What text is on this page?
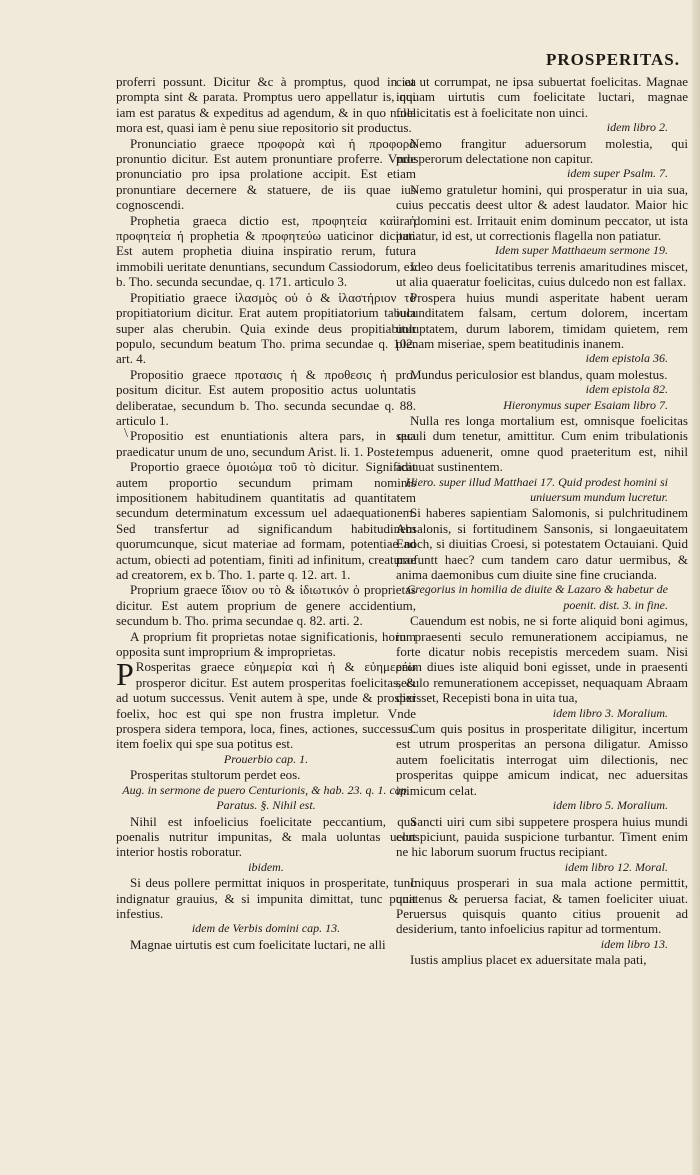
PROSPERITAS.
\

proferri possunt. Dicitur &c à promptus, quod in ea prompta sint & parata. Promptus uero appellatur is, qui iam est paratus & expeditus ad agendum, & in quo nulla mora est, quasi iam è penu siue repositorio sit productus.

Pronunciatio graece προφορὰ καὶ ἡ προφορὰ pronuntio dicitur. Est autem pronuntiare proferre. Vnde pronunciatio pro ipsa prolatione accipit. Est etiam pronuntiare decernere & statuere, de iis quae ius cognoscendi.

Prophetia graeca dictio est, προφητεία καὶ ἡ προφητεία ή prophetia & προφητεύω uaticinor dicitur. Est autem prophetia diuina inspiratio rerum, futura immobili ueritate denuntians, secundum Cassiodorum, ex b. Tho. secunda secundae, q. 171. articulo 3.

Propitiatio graece ἱλασμὸς οὐ ὁ & ἱλαστήριον τὸ propitiatorium dicitur. Erat autem propitiatorium tabula super alas cherubin. Quia exinde deus propitiabitur populo, secundum beatum Tho. prima secundae q. 102. art. 4.

Propositio graece προτασις ἡ & προθεσις ἡ pro. positum dicitur. Est autem propositio actus uoluntatis deliberatae, secundum b. Tho. secunda secundae q. 88. articulo 1.

Propositio est enuntiationis altera pars, in qua praedicatur unum de uno, secundum Arist. li. 1. Poste.

Proportio graece ὁμοιώμα τοῦ τὸ dicitur. Significat autem proportio secundum primam nominis impositionem habitudinem quantitatis ad quantitatem secundum determinatum excessum uel adaequationem. Sed transfertur ad significandum habitudinem quorumcunque, sicut materiae ad formam, potentiae ad actum, obiecti ad potentiam, finiti ad infinitum, creaturae ad creatorem, ex b. Tho. 1. parte q. 12. art. 1.

Proprium graece ἴδιον ου τὸ & ἰδιωτικόν ὁ proprietas dicitur. Est autem proprium de genere accidentium, secundum b. Tho. prima secundae q. 82. arti. 2.

A proprium fit proprietas notae significationis, horum opposita sunt improprium & improprietas.

P Rosperitas graece εὐημερία καὶ ἡ & εὐημερέω prosperor dicitur. Est autem prosperitas foelicitas, & ad uotum successus. Venit autem à spe, unde & prosper foelix, hoc est qui spe non frustra impletur. Vnde prospera sidera tempora, loca, fines, actiones, successus. item foelix qui spe sua potitus est.

Prouerbio cap. 1.

Prosperitas stultorum perdet eos.

Aug. in sermone de puero Centurionis, & hab. 23. q. 1. cap. Paratus. §. Nihil est.

Nihil est infoelicius foelicitate peccantium, qua poenalis nutritur impunitas, & mala uoluntas uelut interior hostis roboratur.

ibidem.

Si deus pollere permittat iniquos in prosperitate, tunc indignatur grauius, & si impunita dimittat, tunc punit infestius.

idem de Verbis domini cap. 13.

Magnae uirtutis est cum foelicitate luctari, ne alli

ciat ut corrumpat, ne ipsa subuertat foelicitas. Magnae inquam uirtutis cum foelicitate luctari, magnae foelicitatis est à foelicitate non uinci.

idem libro 2.

Nemo frangitur aduersorum molestia, qui prosperorum delectatione non capitur.

idem super Psalm. 7.

Nemo gratuletur homini, qui prosperatur in uia sua, cuius peccatis deest ultor & adest laudator. Maior hic ira domini est. Irritauit enim dominum peccator, ut ista patiatur, id est, ut correctionis flagella non patiatur.

Idem super Matthaeum sermone 19.

Ideo deus foelicitatibus terrenis amaritudines miscet, ut alia quaeratur foelicitas, cuius dulcedo non est fallax.

Prospera huius mundi asperitate habent ueram iucunditatem falsam, certum dolorem, incertam uoluptatem, durum laborem, timidam quietem, rem plenam miseriae, spem beatitudinis inanem.

idem epistola 36.

Mundus periculosior est blandus, quam molestus.

idem epistola 82.

Hieronymus super Esaiam libro 7.

Nulla res longa mortalium est, omnisque foelicitas seculi dum tenetur, amittitur. Cum enim tribulationis tempus aduenerit, omne quod praeteritum est, nihil adiuuat sustinentem.

Hiero. super illud Matthaei 17. Quid prodest homini si uniuersum mundum lucretur.

Si haberes sapientiam Salomonis, si pulchritudinem Absalonis, si fortitudinem Sansonis, si longaeuitatem Enoch, si diuitias Croesi, si potestatem Octauiani. Quid profuntt haec? cum tandem caro datur uermibus, & anima daemonibus cum diuite sine fine crucianda.

Gregorius in homilia de diuite & Lazaro & habetur de poenit. dist. 3. in fine.

Cauendum est nobis, ne si forte aliquid boni agimus, in praesenti seculo remunerationem accipiamus, ne forte dicatur nobis recepistis mercedem suam. Nisi enim diues iste aliquid boni egisset, unde in praesenti seculo remunerationem accepisset, nequaquam Abraam dixisset, Recepisti bona in uita tua,

idem libro 3. Moralium.

Cum quis positus in prosperitate diligitur, incertum est utrum prosperitas an persona diligatur. Amisso autem foelicitatis interrogat uim dilectionis, nec prosperitas quippe amicum indicat, nec aduersitas inimicum celat.

idem libro 5. Moralium.

Sancti uiri cum sibi suppetere prospera huius mundi conspiciunt, pauida suspicione turbantur. Timent enim ne hic laborum suorum fructus recipiant.

idem libro 12. Moral.

Iniquus prosperari in sua mala actione permittit, quatenus & peruersa faciat, & tamen foeliciter uiuat. Peruersus quisquis quanto citius prouenit ad desiderium, tanto infoelicius rapitur ad tormentum.

idem libro 13.

Iustis amplius placet ex aduersitate mala pati,
